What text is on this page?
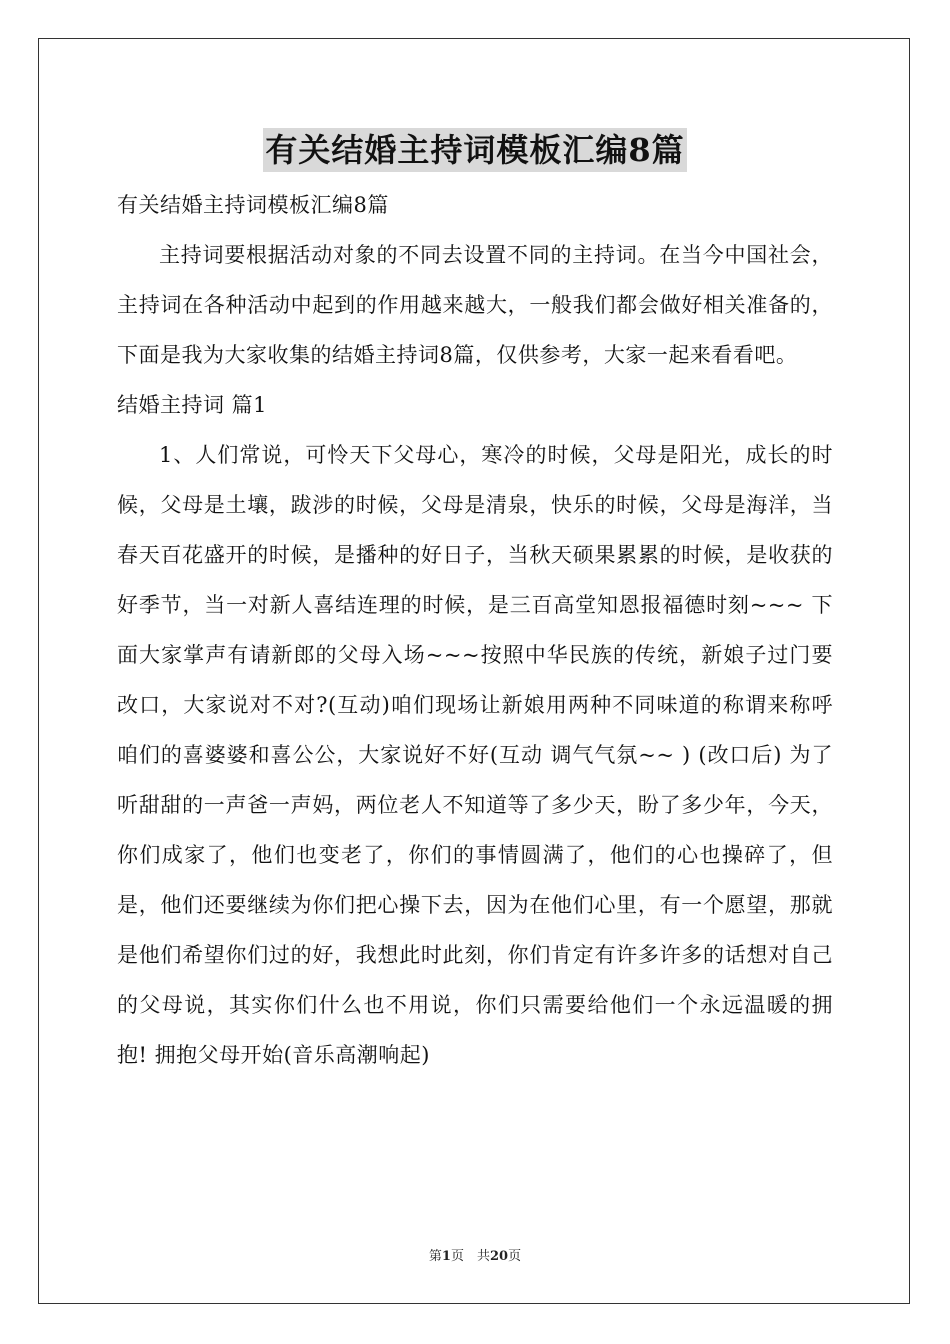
有关结婚主持词模板汇编8篇

有关结婚主持词模板汇编8篇

主持词要根据活动对象的不同去设置不同的主持词。在当今中国社会，主持词在各种活动中起到的作用越来越大，一般我们都会做好相关准备的，下面是我为大家收集的结婚主持词8篇，仅供参考，大家一起来看看吧。

结婚主持词 篇1

1、人们常说，可怜天下父母心，寒冷的时候，父母是阳光，成长的时候，父母是土壤，跋涉的时候，父母是清泉，快乐的时候，父母是海洋，当春天百花盛开的时候，是播种的好日子，当秋天硕果累累的时候，是收获的好季节，当一对新人喜结连理的时候，是三百高堂知恩报福德时刻~~~ 下面大家掌声有请新郎的父母入场~~~按照中华民族的传统，新娘子过门要改口，大家说对不对?(互动)咱们现场让新娘用两种不同味道的称谓来称呼咱们的喜婆婆和喜公公，大家说好不好(互动 调气气氛~~ ) (改口后) 为了听甜甜的一声爸一声妈，两位老人不知道等了多少天，盼了多少年，今天，你们成家了，他们也变老了，你们的事情圆满了，他们的心也操碎了，但是，他们还要继续为你们把心操下去，因为在他们心里，有一个愿望，那就是他们希望你们过的好，我想此时此刻，你们肯定有许多许多的话想对自己的父母说，其实你们什么也不用说，你们只需要给他们一个永远温暖的拥抱! 拥抱父母开始(音乐高潮响起)

第1页　共20页
